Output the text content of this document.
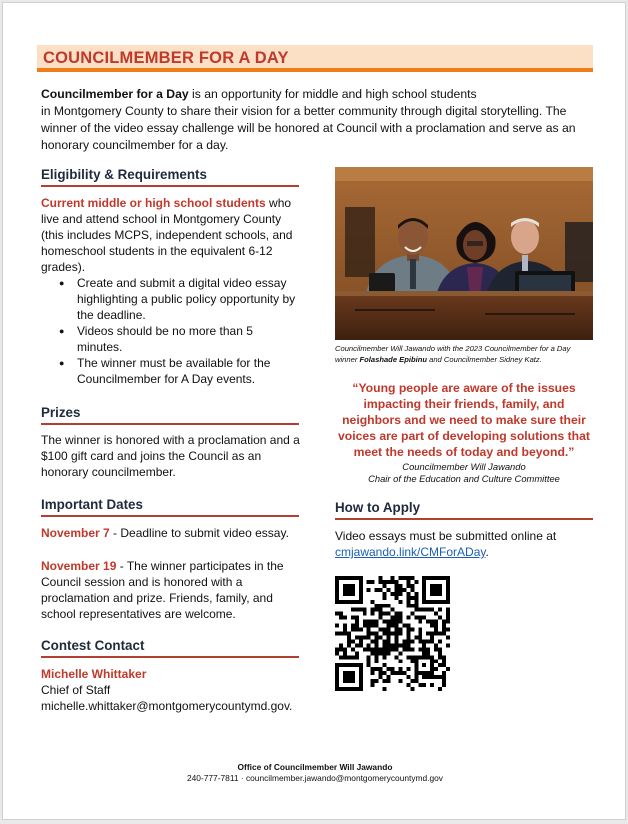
COUNCILMEMBER FOR A DAY
Councilmember for a Day is an opportunity for middle and high school students
in Montgomery County to share their vision for a better community through digital storytelling. The winner of the video essay challenge will be honored at Council with a proclamation and serve as an honorary councilmember for a day.
Eligibility & Requirements
Current middle or high school students who live and attend school in Montgomery County (this includes MCPS, independent schools, and homeschool students in the equivalent 6-12 grades).
● Create and submit a digital video essay highlighting a public policy opportunity by the deadline.
● Videos should be no more than 5 minutes.
● The winner must be available for the Councilmember for A Day events.
Prizes
The winner is honored with a proclamation and a $100 gift card and joins the Council as an honorary councilmember.
Important Dates
November 7 - Deadline to submit video essay.
November 19 - The winner participates in the Council session and is honored with a proclamation and prize. Friends, family, and school representatives are welcome.
Contest Contact
Michelle Whittaker
Chief of Staff
michelle.whittaker@montgomerycountymd.gov.
Councilmember Will Jawando with the 2023 Councilmember for a Day
winner Folashade Epibinu and Councilmember Sidney Katz.
“Young people are aware of the issues impacting their friends, family, and neighbors and we need to make sure their voices are part of developing solutions that meet the needs of today and beyond.”
Councilmember Will Jawando
Chair of the Education and Culture Committee
How to Apply
Video essays must be submitted online at
cmjawando.link/CMForADay.
Office of Councilmember Will Jawando
240-777-7811 · councilmember.jawando@montgomerycountymd.gov
